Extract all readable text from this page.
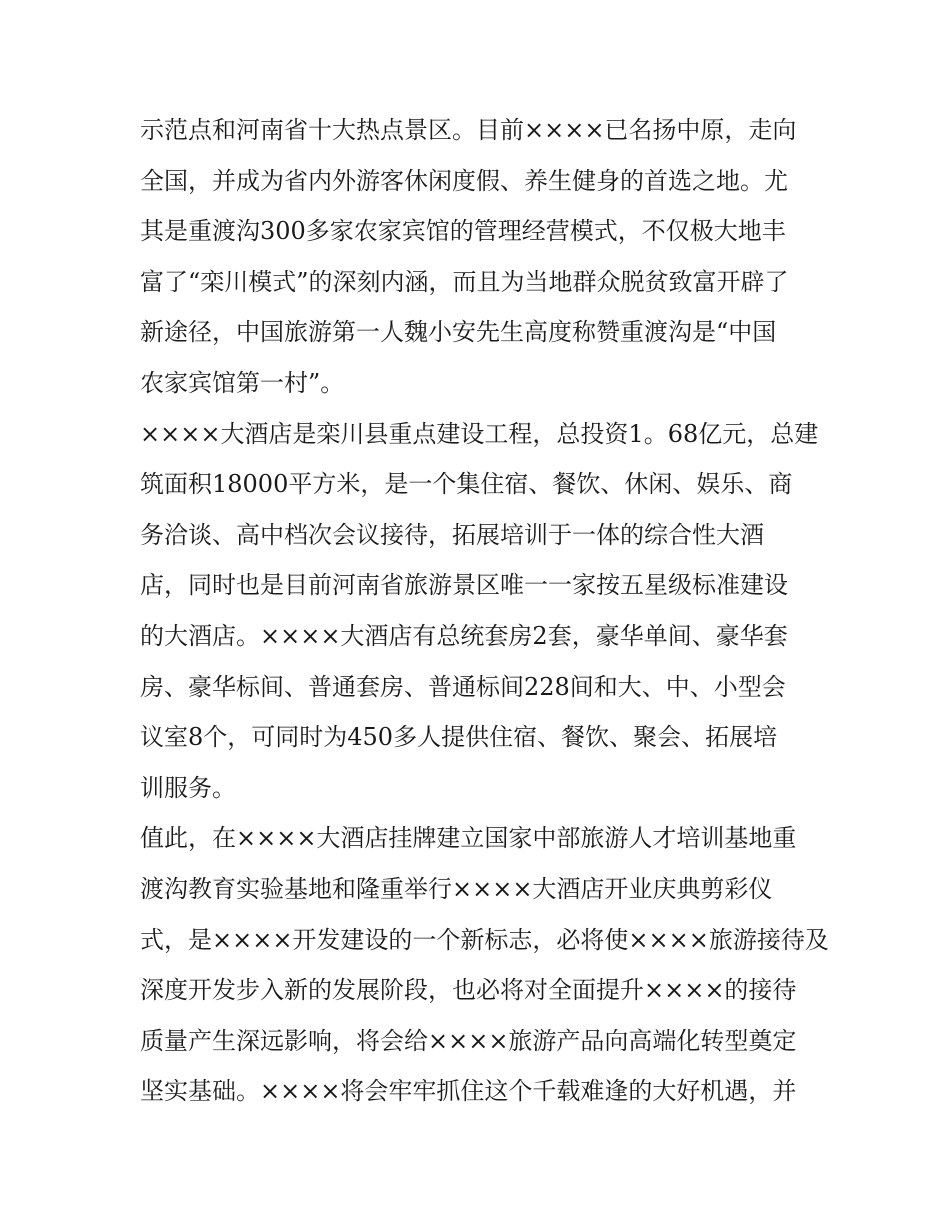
示范点和河南省十大热点景区。目前××××已名扬中原，走向
全国，并成为省内外游客休闲度假、养生健身的首选之地。尤
其是重渡沟300多家农家宾馆的管理经营模式，不仅极大地丰
富了“栾川模式”的深刻内涵，而且为当地群众脱贫致富开辟了
新途径，中国旅游第一人魏小安先生高度称赞重渡沟是“中国
农家宾馆第一村”。
××××大酒店是栾川县重点建设工程，总投资1。68亿元，总建
筑面积18000平方米，是一个集住宿、餐饮、休闲、娱乐、商
务洽谈、高中档次会议接待，拓展培训于一体的综合性大酒
店，同时也是目前河南省旅游景区唯一一家按五星级标准建设
的大酒店。××××大酒店有总统套房2套，豪华单间、豪华套
房、豪华标间、普通套房、普通标间228间和大、中、小型会
议室8个，可同时为450多人提供住宿、餐饮、聚会、拓展培
训服务。
值此，在××××大酒店挂牌建立国家中部旅游人才培训基地重
渡沟教育实验基地和隆重举行××××大酒店开业庆典剪彩仪
式，是××××开发建设的一个新标志，必将使××××旅游接待及
深度开发步入新的发展阶段，也必将对全面提升××××的接待
质量产生深远影响，将会给××××旅游产品向高端化转型奠定
坚实基础。××××将会牢牢抓住这个千载难逢的大好机遇，并
